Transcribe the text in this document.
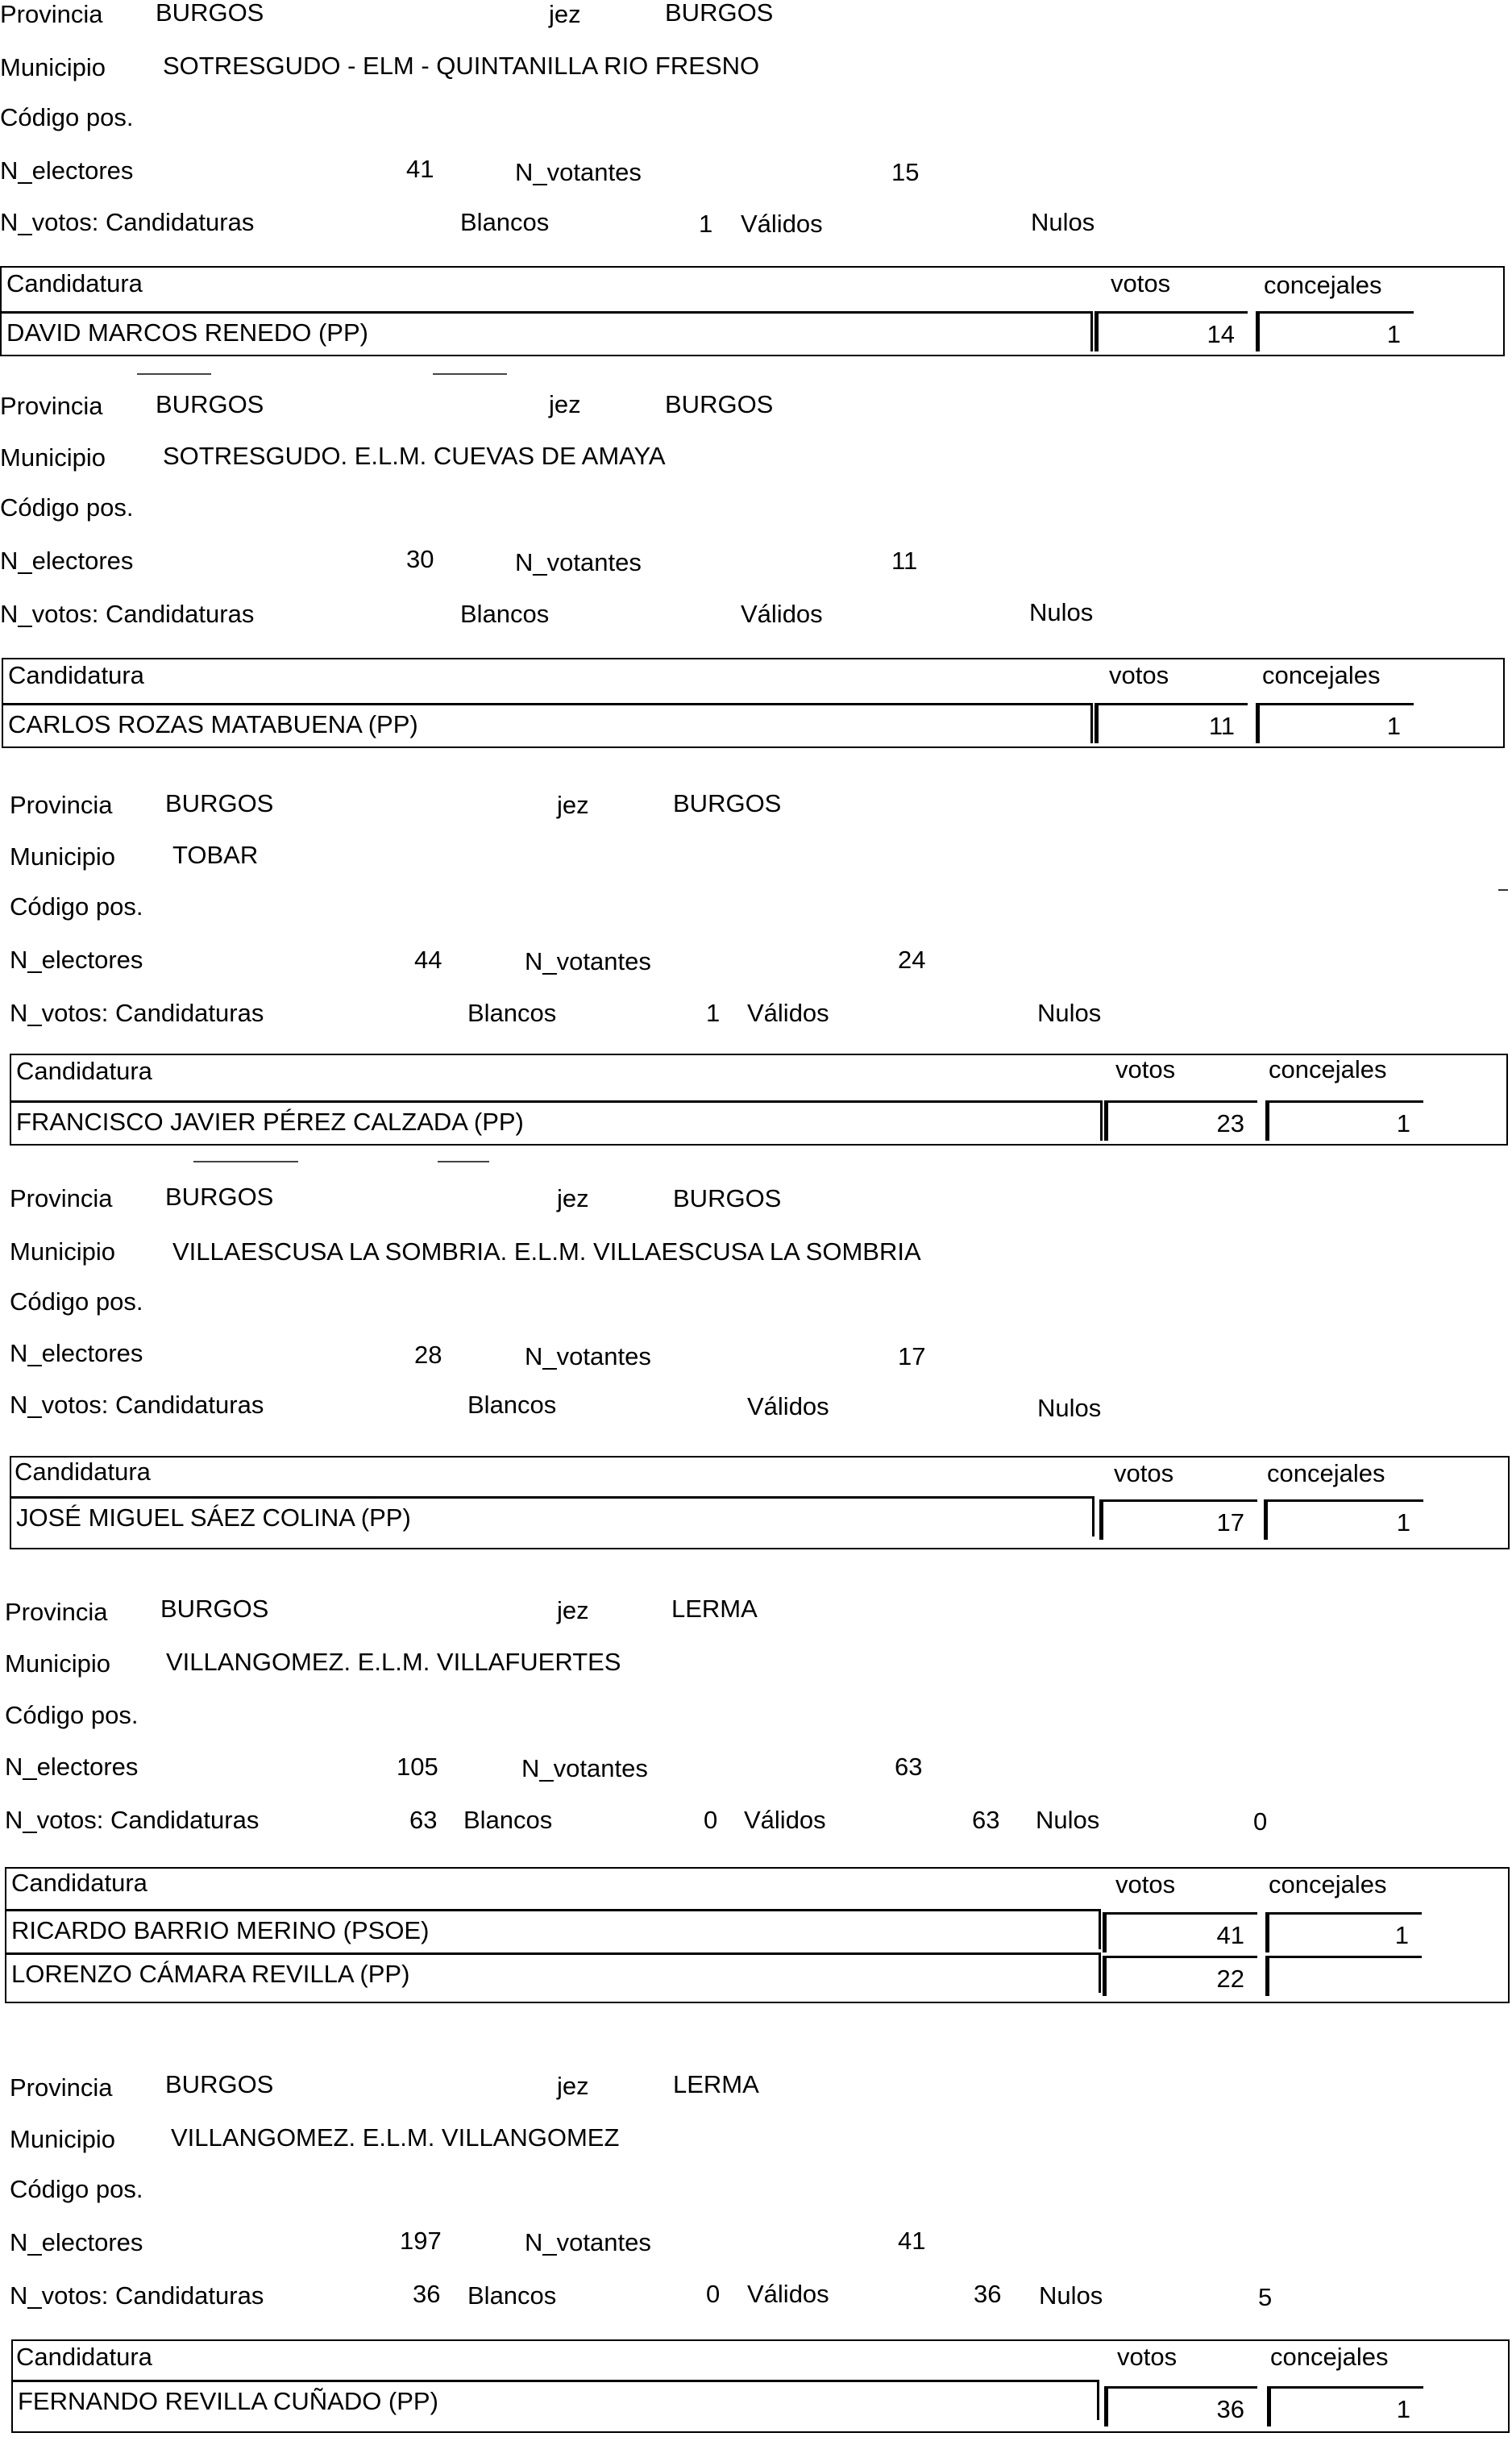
Provincia BURGOS	jez	BURGOS
Municipio SOTRESGUDO - ELM - QUINTANILLA RIO FRESNO
Código pos.
N_electores	41	N_votantes	15
N_votos: Candidaturas	Blancos	1 Válidos	Nulos
Candidatura	votos	concejales
DAVID MARCOS RENEDO (PP)	14	1
Provincia BURGOS	jez	BURGOS
Municipio SOTRESGUDO. E.L.M. CUEVAS DE AMAYA
Código pos.
N_electores	30	N_votantes	11
N_votos: Candidaturas	Blancos	Válidos	Nulos
Candidatura	votos	concejales
CARLOS ROZAS MATABUENA (PP)	11	1
Provincia BURGOS	jez	BURGOS
Municipio TOBAR
Código pos.
N_electores	44	N_votantes	24
N_votos: Candidaturas	Blancos	1 Válidos	Nulos
Candidatura	votos	concejales
FRANCISCO JAVIER PÉREZ CALZADA (PP)	23	1
Provincia BURGOS	jez	BURGOS
Municipio VILLAESCUSA LA SOMBRIA. E.L.M. VILLAESCUSA LA SOMBRIA
Código pos.
N_electores	28	N_votantes	17
N_votos: Candidaturas	Blancos	Válidos	Nulos
Candidatura	votos	concejales
JOSÉ MIGUEL SÁEZ COLINA (PP)	17	1
Provincia BURGOS	jez	LERMA
Municipio VILLANGOMEZ. E.L.M. VILLAFUERTES
Código pos.
N_electores	105	N_votantes	63
N_votos: Candidaturas	63 Blancos	0 Válidos	63 Nulos	0
Candidatura	votos	concejales
RICARDO BARRIO MERINO (PSOE)	41	1
LORENZO CÁMARA REVILLA (PP)	22
Provincia BURGOS	jez	LERMA
Municipio VILLANGOMEZ. E.L.M. VILLANGOMEZ
Código pos.
N_electores	197	N_votantes	41
N_votos: Candidaturas	36 Blancos	0 Válidos	36 Nulos	5
Candidatura	votos	concejales
FERNANDO REVILLA CUÑADO (PP)	36	1
